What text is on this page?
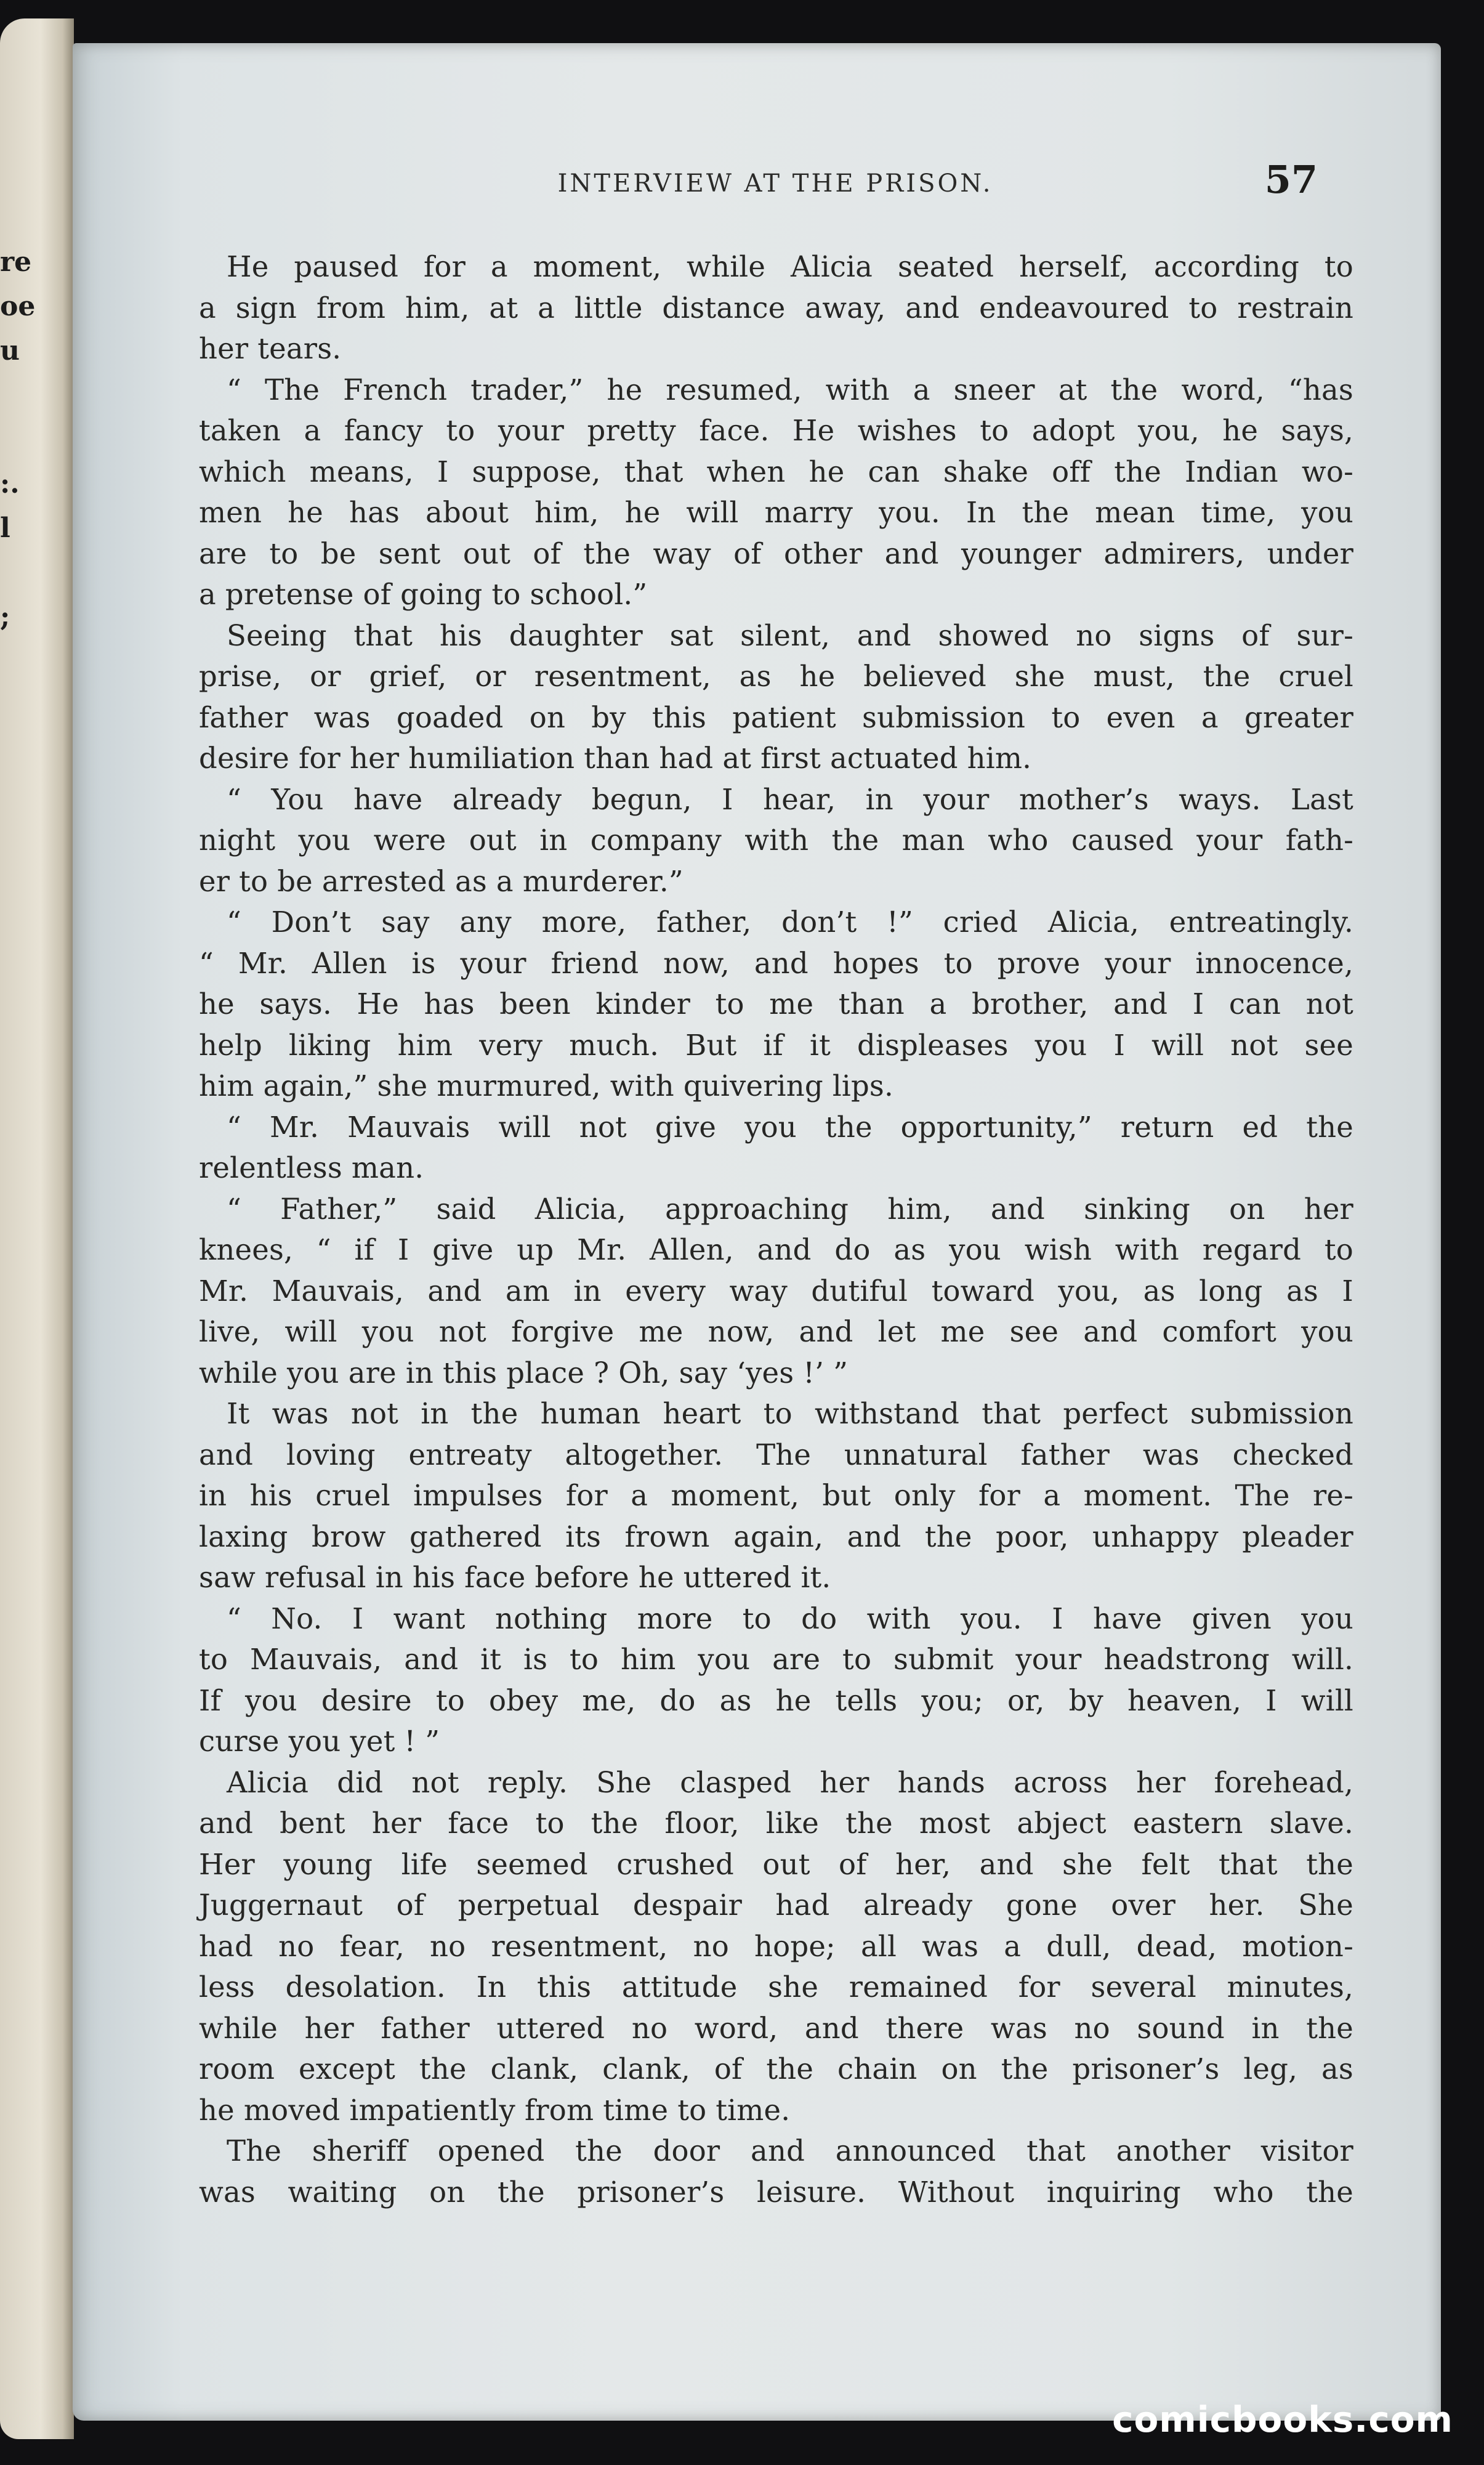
re
oe
u
:.
l
;
INTERVIEW AT THE PRISON.	57
He paused for a moment, while Alicia seated herself, according to
a sign from him, at a little distance away, and endeavoured to restrain
her tears.
“ The French trader,” he resumed, with a sneer at the word, “has
taken a fancy to your pretty face. He wishes to adopt you, he says,
which means, I suppose, that when he can shake off the Indian wo-
men he has about him, he will marry you. In the mean time, you
are to be sent out of the way of other and younger admirers, under
a pretense of going to school.”
Seeing that his daughter sat silent, and showed no signs of sur-
prise, or grief, or resentment, as he believed she must, the cruel
father was goaded on by this patient submission to even a greater
desire for her humiliation than had at first actuated him.
“ You have already begun, I hear, in your mother’s ways. Last
night you were out in company with the man who caused your fath-
er to be arrested as a murderer.”
“ Don’t say any more, father, don’t !” cried Alicia, entreatingly.
“ Mr. Allen is your friend now, and hopes to prove your innocence,
he says. He has been kinder to me than a brother, and I can not
help liking him very much. But if it displeases you I will not see
him again,” she murmured, with quivering lips.
“ Mr. Mauvais will not give you the opportunity,” return ed the
relentless man.
“ Father,” said Alicia, approaching him, and sinking on her
knees, “ if I give up Mr. Allen, and do as you wish with regard to
Mr. Mauvais, and am in every way dutiful toward you, as long as I
live, will you not forgive me now, and let me see and comfort you
while you are in this place ? Oh, say ‘yes !’ ”
It was not in the human heart to withstand that perfect submission
and loving entreaty altogether. The unnatural father was checked
in his cruel impulses for a moment, but only for a moment. The re-
laxing brow gathered its frown again, and the poor, unhappy pleader
saw refusal in his face before he uttered it.
“ No. I want nothing more to do with you. I have given you
to Mauvais, and it is to him you are to submit your headstrong will.
If you desire to obey me, do as he tells you; or, by heaven, I will
curse you yet ! ”
Alicia did not reply. She clasped her hands across her forehead,
and bent her face to the floor, like the most abject eastern slave.
Her young life seemed crushed out of her, and she felt that the
Juggernaut of perpetual despair had already gone over her. She
had no fear, no resentment, no hope; all was a dull, dead, motion-
less desolation. In this attitude she remained for several minutes,
while her father uttered no word, and there was no sound in the
room except the clank, clank, of the chain on the prisoner’s leg, as
he moved impatiently from time to time.
The sheriff opened the door and announced that another visitor
was waiting on the prisoner’s leisure. Without inquiring who the
comicbooks.com
